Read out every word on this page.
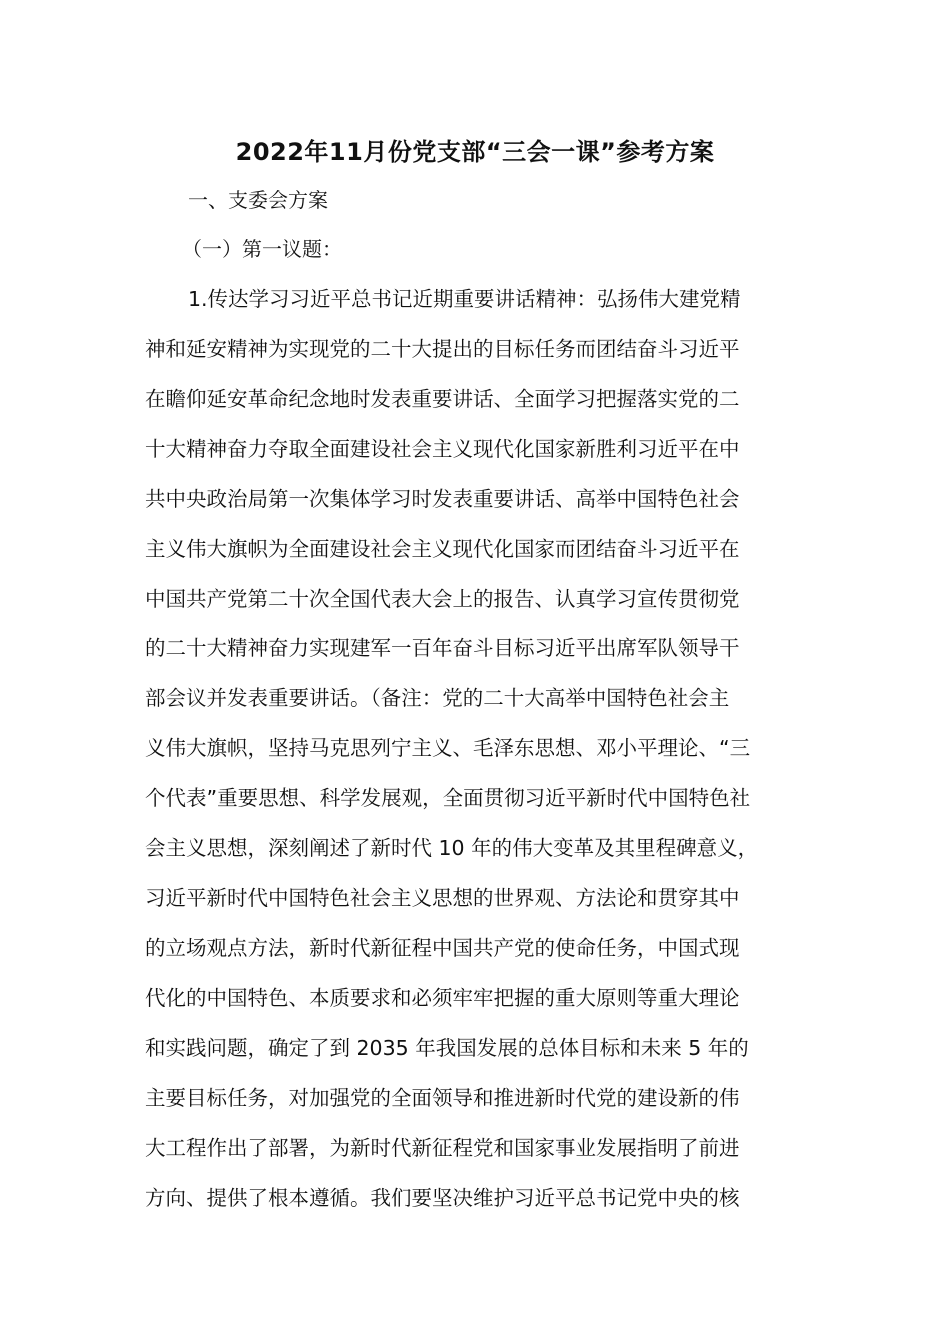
2022年11月份党支部“三会一课”参考方案

一、支委会方案

（一）第一议题：

1.传达学习习近平总书记近期重要讲话精神：弘扬伟大建党精
神和延安精神为实现党的二十大提出的目标任务而团结奋斗习近平
在瞻仰延安革命纪念地时发表重要讲话、全面学习把握落实党的二
十大精神奋力夺取全面建设社会主义现代化国家新胜利习近平在中
共中央政治局第一次集体学习时发表重要讲话、高举中国特色社会
主义伟大旗帜为全面建设社会主义现代化国家而团结奋斗习近平在
中国共产党第二十次全国代表大会上的报告、认真学习宣传贯彻党
的二十大精神奋力实现建军一百年奋斗目标习近平出席军队领导干
部会议并发表重要讲话。（备注：党的二十大高举中国特色社会主
义伟大旗帜，坚持马克思列宁主义、毛泽东思想、邓小平理论、“三
个代表”重要思想、科学发展观，全面贯彻习近平新时代中国特色社
会主义思想，深刻阐述了新时代 10 年的伟大变革及其里程碑意义，
习近平新时代中国特色社会主义思想的世界观、方法论和贯穿其中
的立场观点方法，新时代新征程中国共产党的使命任务，中国式现
代化的中国特色、本质要求和必须牢牢把握的重大原则等重大理论
和实践问题，确定了到 2035 年我国发展的总体目标和未来 5 年的
主要目标任务，对加强党的全面领导和推进新时代党的建设新的伟
大工程作出了部署，为新时代新征程党和国家事业发展指明了前进
方向、提供了根本遵循。我们要坚决维护习近平总书记党中央的核
